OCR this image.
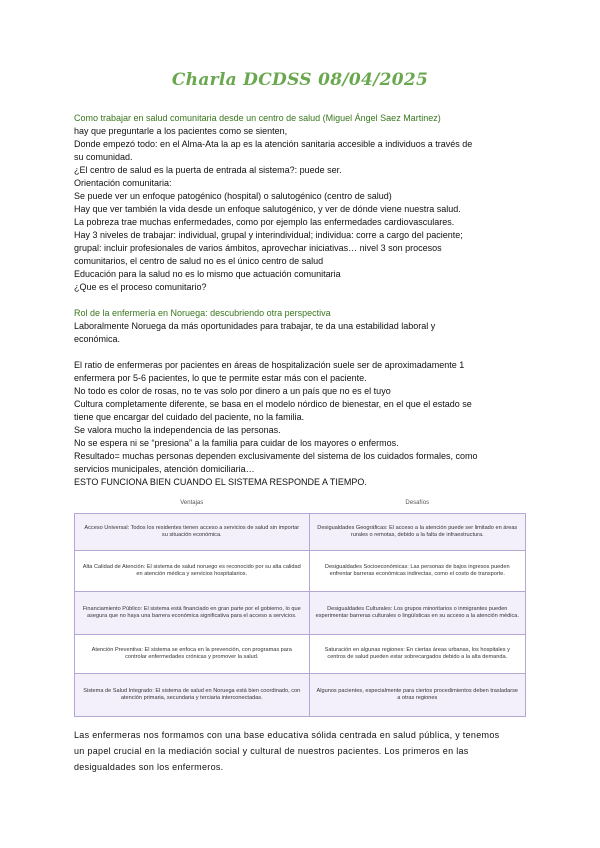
Charla DCDSS 08/04/2025

Como trabajar en salud comunitaria desde un centro de salud (Miguel Ángel Saez Martinez)

hay que preguntarle a los pacientes como se sienten,

Donde empezó todo: en el Alma-Ata la ap es la atención sanitaria accesible a individuos a través de

su comunidad.

¿El centro de salud es la puerta de entrada al sistema?: puede ser.

Orientación comunitaria:

Se puede ver un enfoque patogénico (hospital) o salutogénico (centro de salud)

Hay que ver también la vida desde un enfoque salutogénico, y ver de dónde viene nuestra salud.

La pobreza trae muchas enfermedades, como por ejemplo las enfermedades cardiovasculares.

Hay 3 niveles de trabajar: individual, grupal y interindividual; individua: corre a cargo del paciente;

grupal: incluir profesionales de varios ámbitos, aprovechar iniciativas… nivel 3 son procesos

comunitarios, el centro de salud no es el único centro de salud

Educación para la salud no es lo mismo que actuación comunitaria

¿Que es el proceso comunitario?

Rol de la enfermería en Noruega: descubriendo otra perspectiva

Laboralmente Noruega da más oportunidades para trabajar, te da una estabilidad laboral y

económica.

El ratio de enfermeras por pacientes en áreas de hospitalización suele ser de aproximadamente 1

enfermera por 5-6 pacientes, lo que te permite estar más con el paciente.

No todo es color de rosas, no te vas solo por dinero a un país que no es el tuyo

Cultura completamente diferente, se basa en el modelo nórdico de bienestar, en el que el estado se

tiene que encargar del cuidado del paciente, no la familia.

Se valora mucho la independencia de las personas.

No se espera ni se “presiona” a la familia para cuidar de los mayores o enfermos.

Resultado= muchas personas dependen exclusivamente del sistema de los cuidados formales, como

servicios municipales, atención domiciliaria…

ESTO FUNCIONA BIEN CUANDO EL SISTEMA RESPONDE A TIEMPO.

Ventajas	Desafíos
Acceso Universal: Todos los residentes tienen acceso a servicios de salud sin importar su situación económica.	Desigualdades Geográficas: El acceso a la atención puede ser limitado en áreas rurales o remotas, debido a la falta de infraestructura.
Alta Calidad de Atención: El sistema de salud noruego es reconocido por su alta calidad en atención médica y servicios hospitalarios.	Desigualdades Socioeconómicas: Las personas de bajos ingresos pueden enfrentar barreras económicas indirectas, como el costo de transporte.
Financiamiento Público: El sistema está financiado en gran parte por el gobierno, lo que asegura que no haya una barrera económica significativa para el acceso a servicios.	Desigualdades Culturales: Los grupos minoritarios o inmigrantes pueden experimentar barreras culturales o lingüísticas en su acceso a la atención médica.
Atención Preventiva: El sistema se enfoca en la prevención, con programas para controlar enfermedades crónicas y promover la salud.	Saturación en algunas regiones: En ciertas áreas urbanas, los hospitales y centros de salud pueden estar sobrecargados debido a la alta demanda.
Sistema de Salud Integrado: El sistema de salud en Noruega está bien coordinado, con atención primaria, secundaria y terciaria interconectadas.	Algunos pacientes, especialmente para ciertos procedimientos deben trasladarse a otras regiones
Las enfermeras nos formamos con una base educativa sólida centrada en salud pública, y tenemos
un papel crucial en la mediación social y cultural de nuestros pacientes. Los primeros en las
desigualdades son los enfermeros.
